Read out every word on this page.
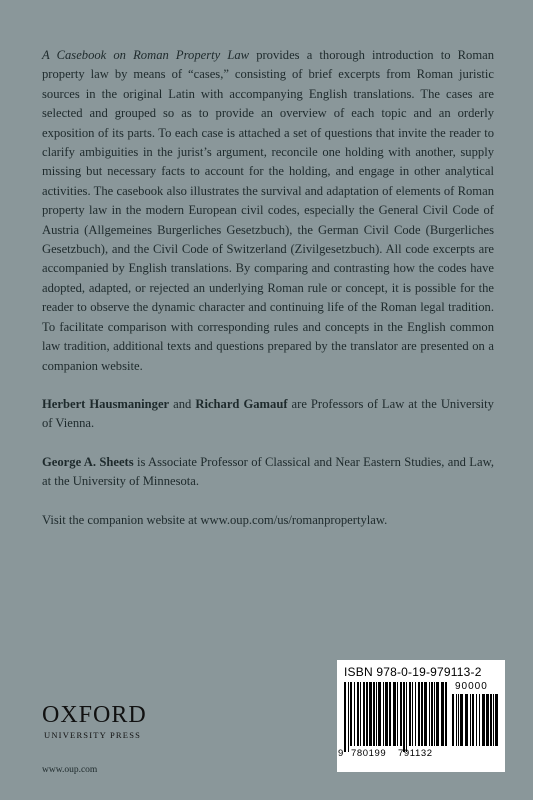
A Casebook on Roman Property Law provides a thorough introduction to Roman property law by means of “cases,” consisting of brief excerpts from Roman juristic sources in the original Latin with accompanying English translations. The cases are selected and grouped so as to provide an overview of each topic and an orderly exposition of its parts. To each case is attached a set of questions that invite the reader to clarify ambiguities in the jurist’s argument, reconcile one holding with another, supply missing but necessary facts to account for the holding, and engage in other analytical activities. The casebook also illustrates the survival and adaptation of elements of Roman property law in the modern European civil codes, especially the General Civil Code of Austria (Allgemeines Burgerliches Gesetzbuch), the German Civil Code (Burgerliches Gesetzbuch), and the Civil Code of Switzerland (Zivilgesetzbuch). All code excerpts are accompanied by English translations. By comparing and contrasting how the codes have adopted, adapted, or rejected an underlying Roman rule or concept, it is possible for the reader to observe the dynamic character and continuing life of the Roman legal tradition. To facilitate comparison with corresponding rules and concepts in the English common law tradition, additional texts and questions prepared by the translator are presented on a companion website.

Herbert Hausmaninger and Richard Gamauf are Professors of Law at the University of Vienna.

George A. Sheets is Associate Professor of Classical and Near Eastern Studies, and Law, at the University of Minnesota.

Visit the companion website at www.oup.com/us/romanpropertylaw.

ISBN 978-0-19-979113-2
90000
9 780199 791132
OXFORD
UNIVERSITY PRESS
www.oup.com
